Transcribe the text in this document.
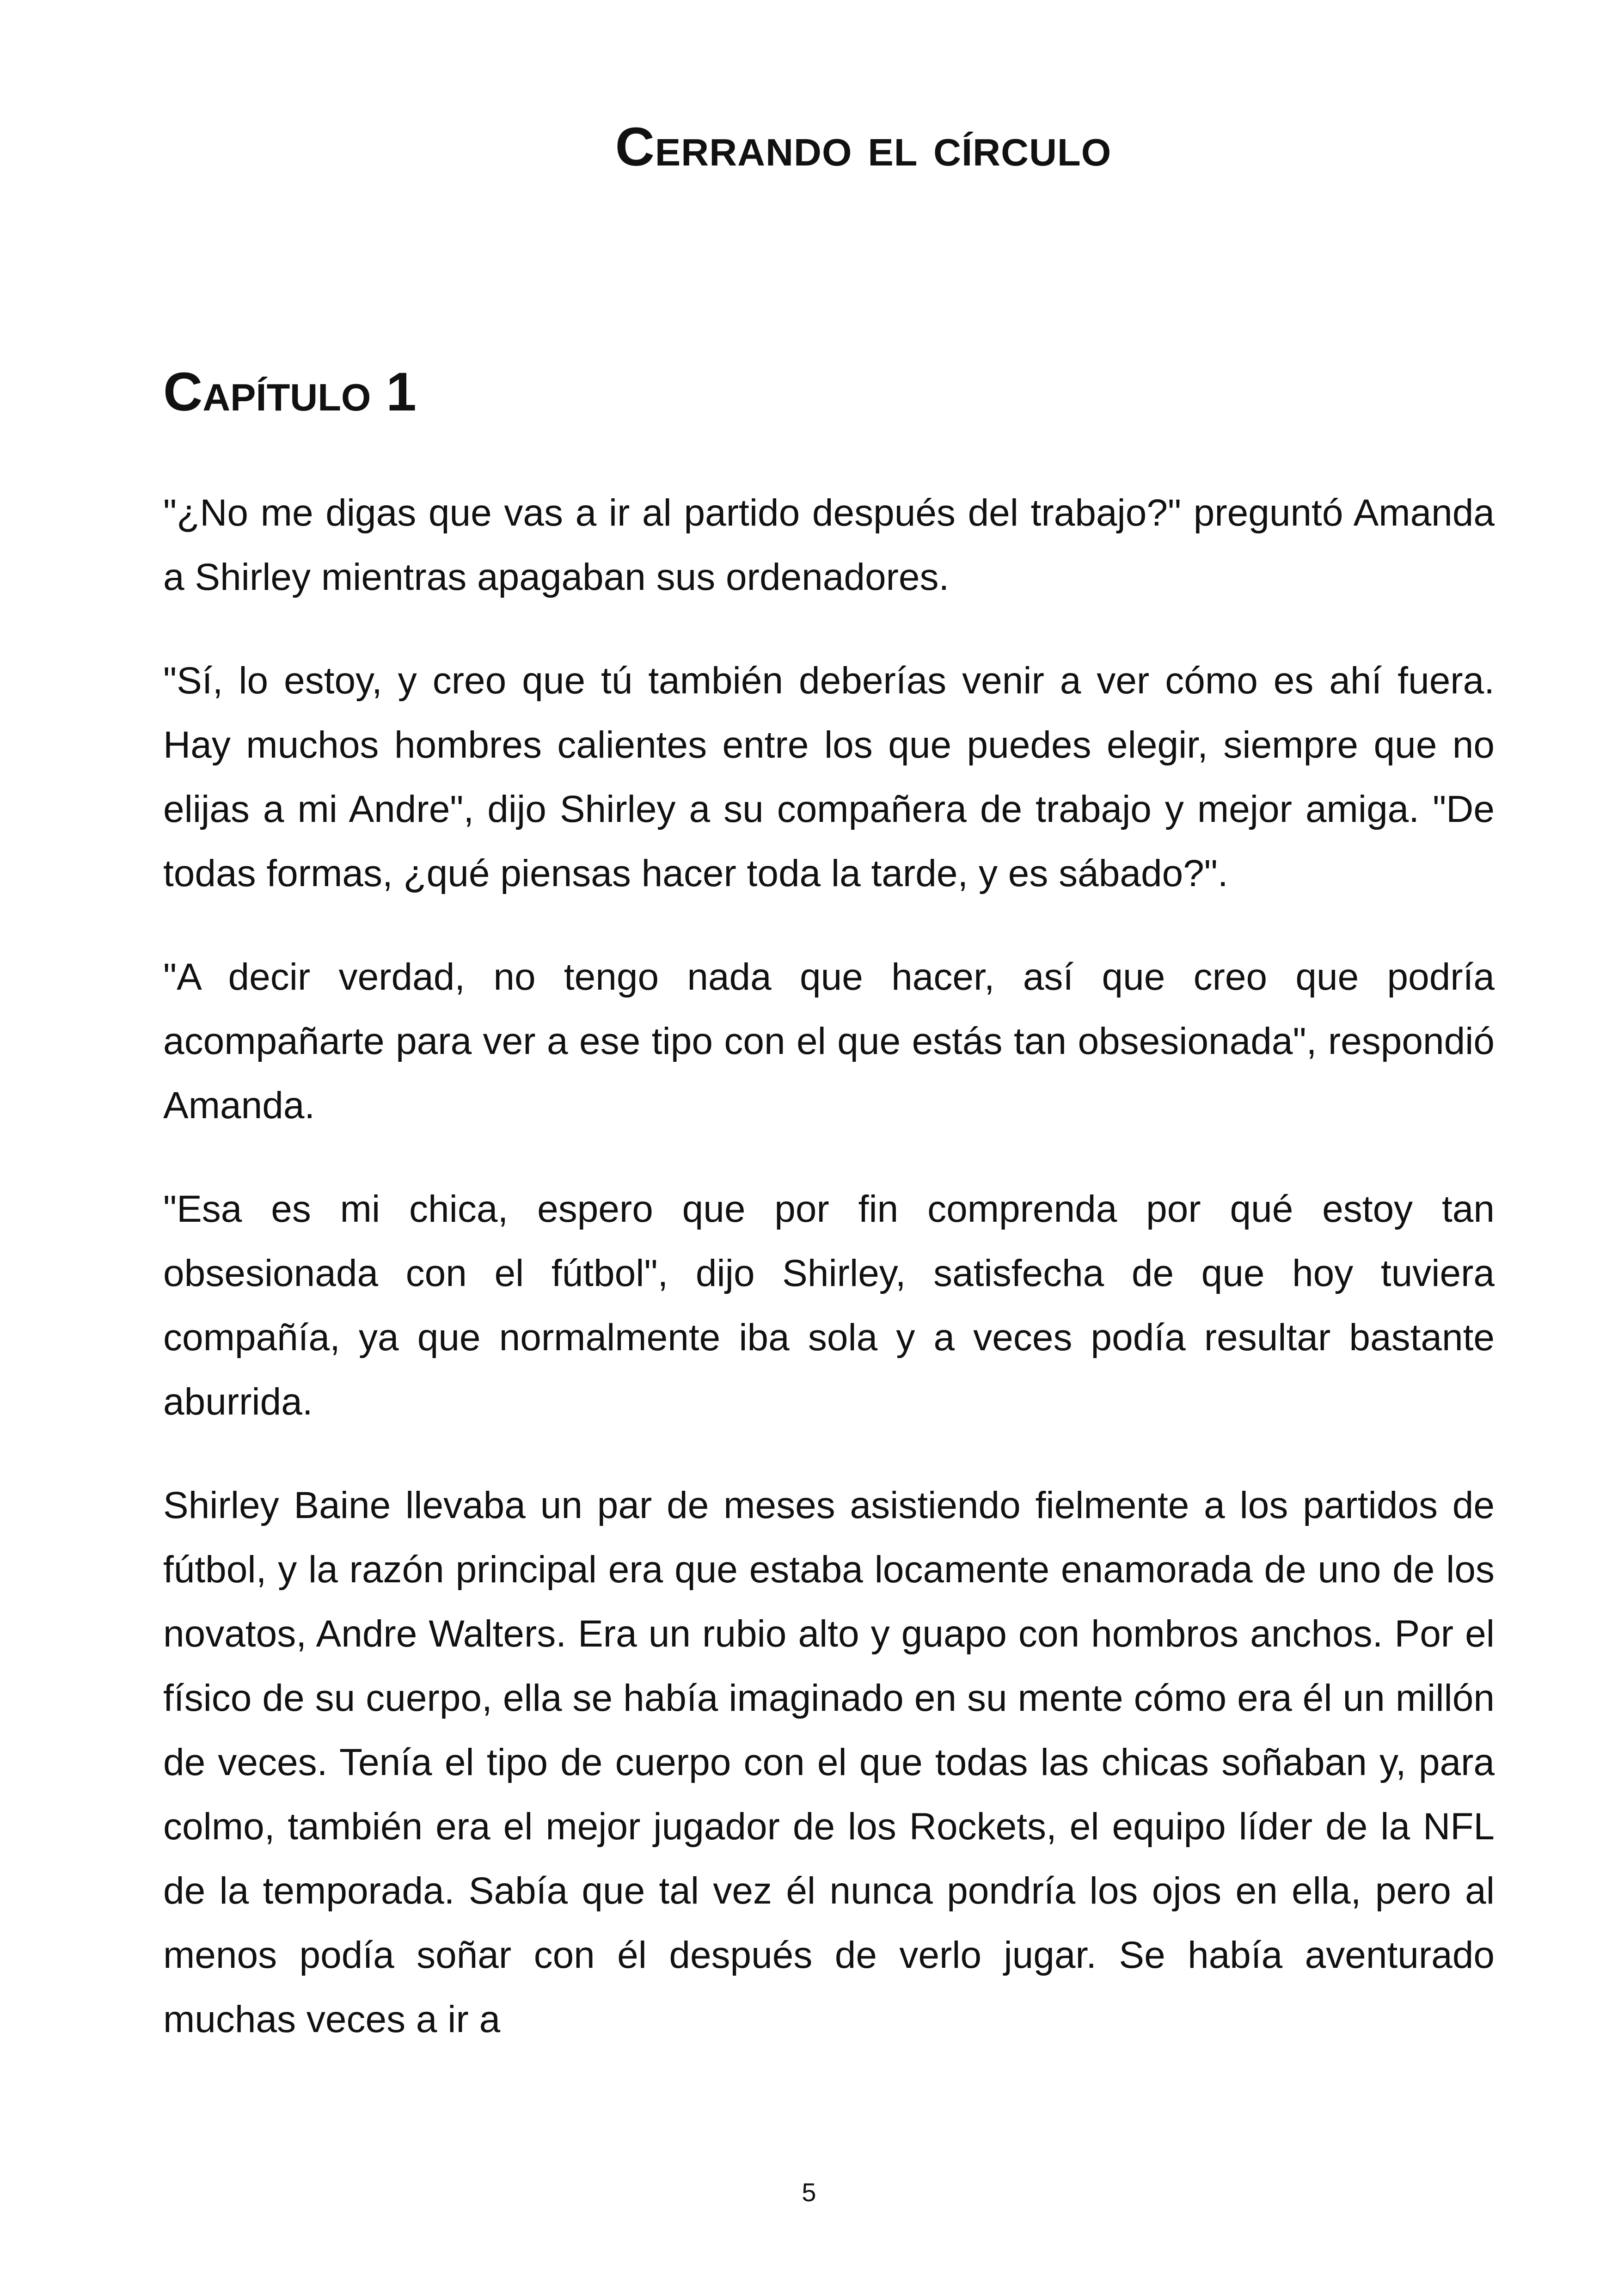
Cerrando el círculo
Capítulo 1

"¿No me digas que vas a ir al partido después del trabajo?" preguntó Amanda a Shirley mientras apagaban sus ordenadores.

"Sí, lo estoy, y creo que tú también deberías venir a ver cómo es ahí fuera. Hay muchos hombres calientes entre los que puedes elegir, siempre que no elijas a mi Andre", dijo Shirley a su compañera de trabajo y mejor amiga. "De todas formas, ¿qué piensas hacer toda la tarde, y es sábado?".

"A decir verdad, no tengo nada que hacer, así que creo que podría acompañarte para ver a ese tipo con el que estás tan obsesionada", respondió Amanda.

"Esa es mi chica, espero que por fin comprenda por qué estoy tan obsesionada con el fútbol", dijo Shirley, satisfecha de que hoy tuviera compañía, ya que normalmente iba sola y a veces podía resultar bastante aburrida.

Shirley Baine llevaba un par de meses asistiendo fielmente a los partidos de fútbol, y la razón principal era que estaba locamente enamorada de uno de los novatos, Andre Walters. Era un rubio alto y guapo con hombros anchos. Por el físico de su cuerpo, ella se había imaginado en su mente cómo era él un millón de veces. Tenía el tipo de cuerpo con el que todas las chicas soñaban y, para colmo, también era el mejor jugador de los Rockets, el equipo líder de la NFL de la temporada. Sabía que tal vez él nunca pondría los ojos en ella, pero al menos podía soñar con él después de verlo jugar. Se había aventurado muchas veces a ir a

5
